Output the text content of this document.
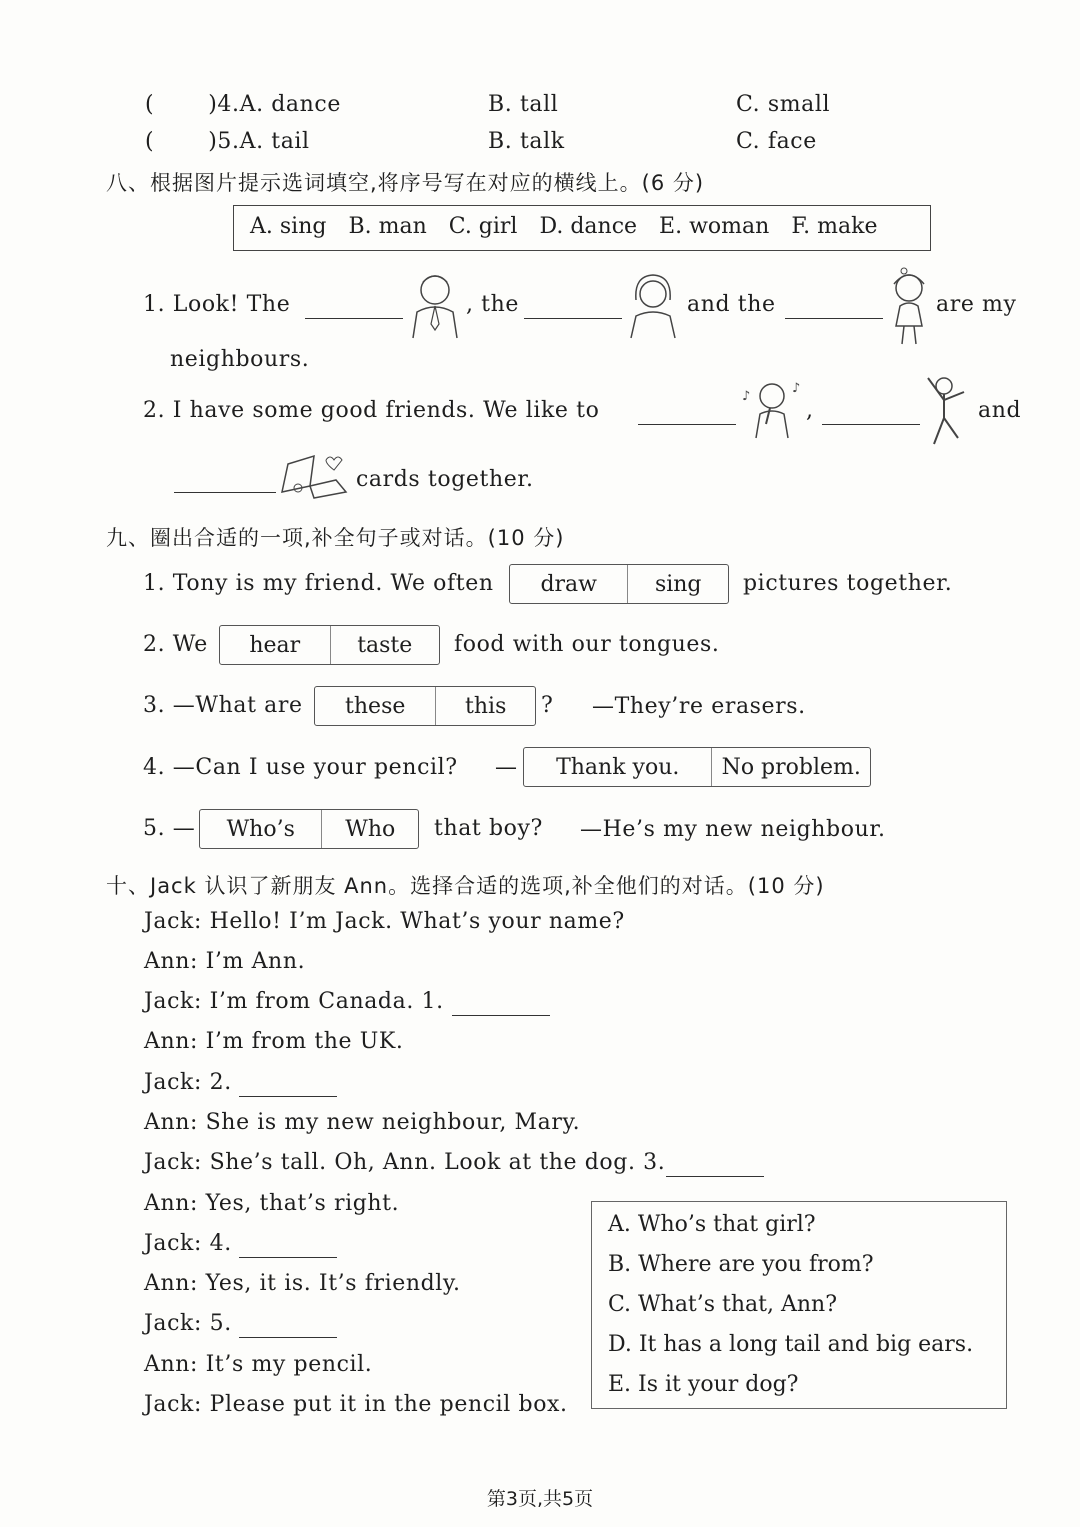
( )4.A. dance	B. tall	C. small
( )5.A. tail	B. talk	C. face
八、根据图片提示选词填空,将序号写在对应的横线上。(6 分)
A. sing B. man C. girl D. dance E. woman F. make
1. Look! The	, the	and the	are my
neighbours.
2. I have some good friends. We like to
♪
♪
,	and
cards together.
九、圈出合适的一项,补全句子或对话。(10 分)
1. Tony is my friend. We often	draw	sing	pictures together.
2. We	hear	taste	food with our tongues.
3. —What are	these	this	? —They’re erasers.
4. —Can I use your pencil? —	Thank you.	No problem.
5. —	Who’s	Who	that boy? —He’s my new neighbour.
十、Jack 认识了新朋友 Ann。选择合适的选项,补全他们的对话。(10 分)
Jack: Hello! I’m Jack. What’s your name?
Ann: I’m Ann.
Jack: I’m from Canada. 1.
Ann: I’m from the UK.
Jack: 2.
Ann: She is my new neighbour, Mary.
Jack: She’s tall. Oh, Ann. Look at the dog. 3.
Ann: Yes, that’s right.
Jack: 4.
Ann: Yes, it is. It’s friendly.
Jack: 5.
Ann: It’s my pencil.
Jack: Please put it in the pencil box.
A. Who’s that girl?
B. Where are you from?
C. What’s that, Ann?
D. It has a long tail and big ears.
E. Is it your dog?
第3页,共5页
